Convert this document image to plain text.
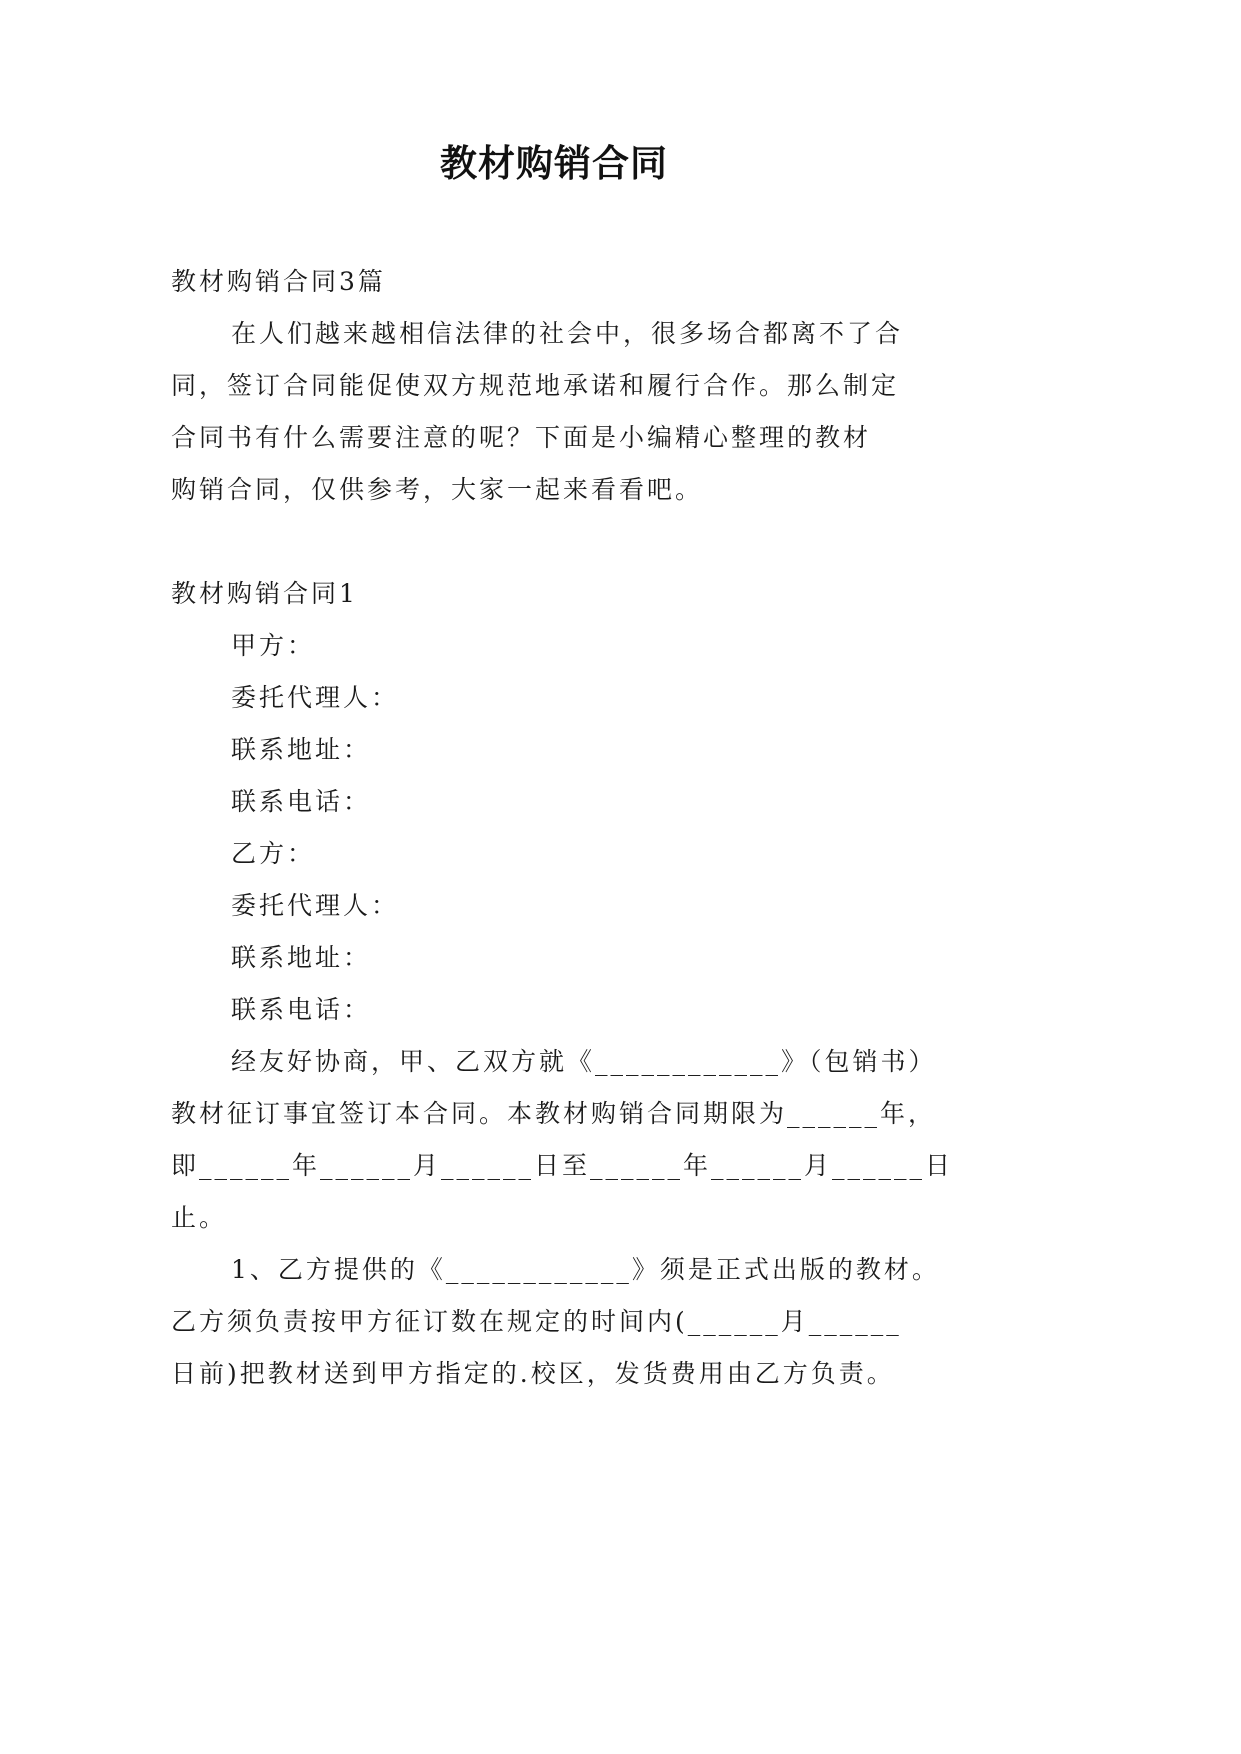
教材购销合同

教材购销合同3篇

在人们越来越相信法律的社会中，很多场合都离不了合

同，签订合同能促使双方规范地承诺和履行合作。那么制定

合同书有什么需要注意的呢？下面是小编精心整理的教材

购销合同，仅供参考，大家一起来看看吧。

教材购销合同1

甲方：

委托代理人：

联系地址：

联系电话：

乙方：

委托代理人：

联系地址：

联系电话：

经友好协商，甲、乙双方就《____________》（包销书）

教材征订事宜签订本合同。本教材购销合同期限为______年，

即______年______月______日至______年______月______日

止。

1、乙方提供的《____________》须是正式出版的教材。

乙方须负责按甲方征订数在规定的时间内(______月______

日前)把教材送到甲方指定的.校区，发货费用由乙方负责。
